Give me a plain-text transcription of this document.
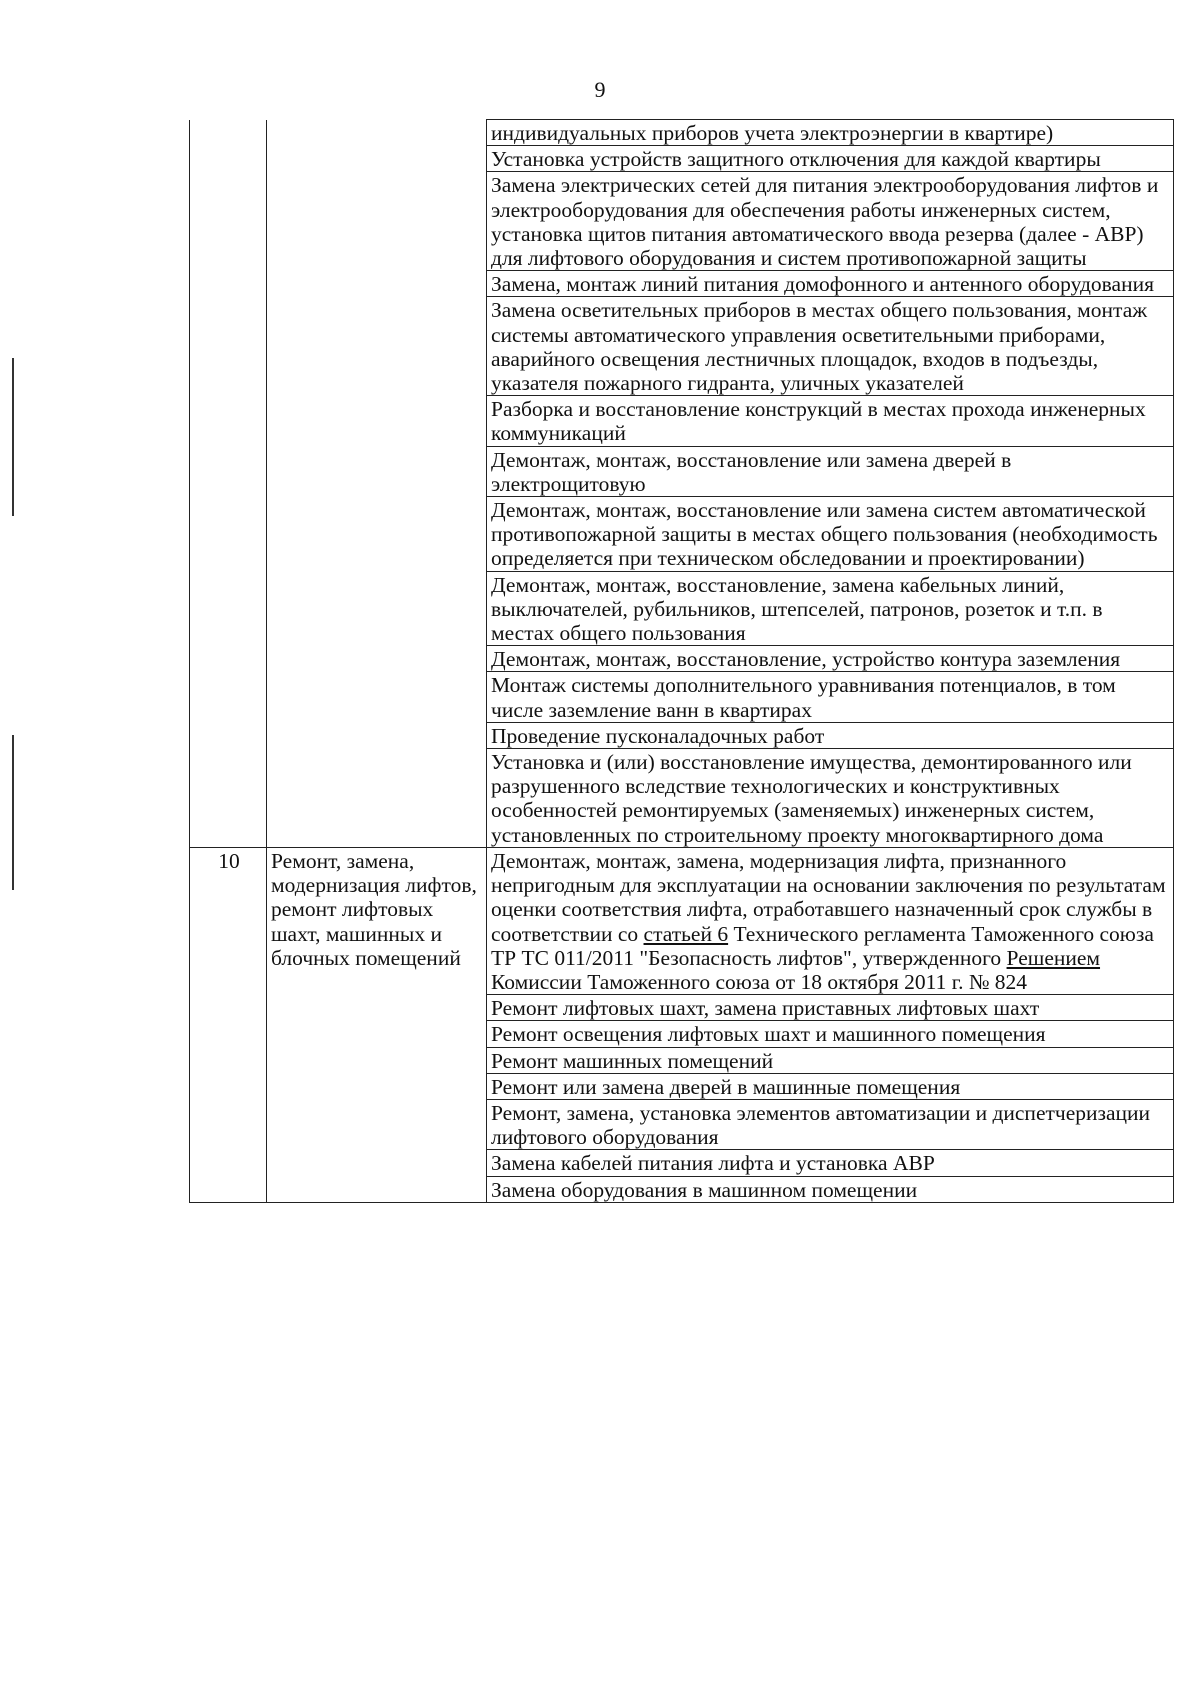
9
		индивидуальных приборов учета электроэнергии в квартире)
		Установка устройств защитного отключения для каждой квартиры
		Замена электрических сетей для питания электрооборудования лифтов и электрооборудования для обеспечения работы инженерных систем, установка щитов питания автоматического ввода резерва (далее - АВР) для лифтового оборудования и систем противопожарной защиты
		Замена, монтаж линий питания домофонного и антенного оборудования
		Замена осветительных приборов в местах общего пользования, монтаж системы автоматического управления осветительными приборами, аварийного освещения лестничных площадок, входов в подъезды, указателя пожарного гидранта, уличных указателей
		Разборка и восстановление конструкций в местах прохода инженерных коммуникаций
		Демонтаж, монтаж, восстановление или замена дверей в электрощитовую
		Демонтаж, монтаж, восстановление или замена систем автоматической противопожарной защиты в местах общего пользования (необходимость определяется при техническом обследовании и проектировании)
		Демонтаж, монтаж, восстановление, замена кабельных линий, выключателей, рубильников, штепселей, патронов, розеток и т.п. в местах общего пользования
		Демонтаж, монтаж, восстановление, устройство контура заземления
		Монтаж системы дополнительного уравнивания потенциалов, в том числе заземление ванн в квартирах
		Проведение пусконаладочных работ
		Установка и (или) восстановление имущества, демонтированного или разрушенного вследствие технологических и конструктивных особенностей ремонтируемых (заменяемых) инженерных систем, установленных по строительному проекту многоквартирного дома
10	Ремонт, замена, модернизация лифтов, ремонт лифтовых шахт, машинных и блочных помещений	Демонтаж, монтаж, замена, модернизация лифта, признанного непригодным для эксплуатации на основании заключения по результатам оценки соответствия лифта, отработавшего назначенный срок службы в соответствии со статьей 6 Технического регламента Таможенного союза ТР ТС 011/2011 "Безопасность лифтов", утвержденного Решением Комиссии Таможенного союза от 18 октября 2011 г. № 824
		Ремонт лифтовых шахт, замена приставных лифтовых шахт
		Ремонт освещения лифтовых шахт и машинного помещения
		Ремонт машинных помещений
		Ремонт или замена дверей в машинные помещения
		Ремонт, замена, установка элементов автоматизации и диспетчеризации лифтового оборудования
		Замена кабелей питания лифта и установка АВР
		Замена оборудования в машинном помещении
